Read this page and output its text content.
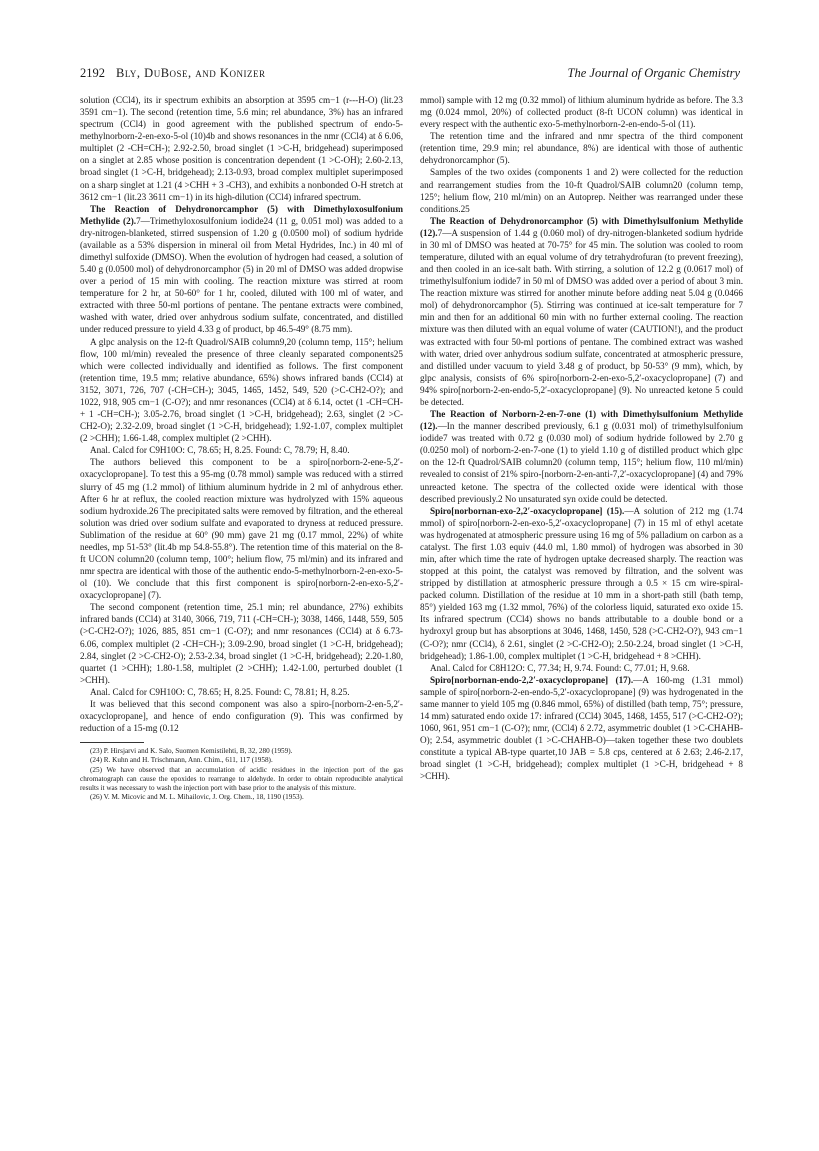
2192 Bly, DuBose, and Konizer	The Journal of Organic Chemistry

solution (CCl4), its ir spectrum exhibits an absorption at 3595 cm−1 (r---H-O) (lit.23 3591 cm−1). The second (retention time, 5.6 min; rel abundance, 3%) has an infrared spectrum (CCl4) in good agreement with the published spectrum of endo-5-methylnorborn-2-en-exo-5-ol (10)4b and shows resonances in the nmr (CCl4) at δ 6.06, multiplet (2 -CH=CH-); 2.92-2.50, broad singlet (1 >C-H, bridgehead) superimposed on a singlet at 2.85 whose position is concentration dependent (1 >C-OH); 2.60-2.13, broad singlet (1 >C-H, bridgehead); 2.13-0.93, broad complex multiplet superimposed on a sharp singlet at 1.21 (4 >CHH + 3 -CH3), and exhibits a nonbonded O-H stretch at 3612 cm−1 (lit.23 3611 cm−1) in its high-dilution (CCl4) infrared spectrum.

The Reaction of Dehydronorcamphor (5) with Dimethyloxosulfonium Methylide (2).7—Trimethyloxosulfonium iodide24 (11 g, 0.051 mol) was added to a dry-nitrogen-blanketed, stirred suspension of 1.20 g (0.0500 mol) of sodium hydride (available as a 53% dispersion in mineral oil from Metal Hydrides, Inc.) in 40 ml of dimethyl sulfoxide (DMSO). When the evolution of hydrogen had ceased, a solution of 5.40 g (0.0500 mol) of dehydronorcamphor (5) in 20 ml of DMSO was added dropwise over a period of 15 min with cooling. The reaction mixture was stirred at room temperature for 2 hr, at 50-60° for 1 hr, cooled, diluted with 100 ml of water, and extracted with three 50-ml portions of pentane. The pentane extracts were combined, washed with water, dried over anhydrous sodium sulfate, concentrated, and distilled under reduced pressure to yield 4.33 g of product, bp 46.5-49° (8.75 mm).

A glpc analysis on the 12-ft Quadrol/SAIB column9,20 (column temp, 115°; helium flow, 100 ml/min) revealed the presence of three cleanly separated components25 which were collected individually and identified as follows. The first component (retention time, 19.5 mm; relative abundance, 65%) shows infrared bands (CCl4) at 3152, 3071, 726, 707 (-CH=CH-); 3045, 1465, 1452, 549, 520 (>C-CH2-O?); and 1022, 918, 905 cm−1 (C-O?); and nmr resonances (CCl4) at δ 6.14, octet (1 -CH=CH- + 1 -CH=CH-); 3.05-2.76, broad singlet (1 >C-H, bridgehead); 2.63, singlet (2 >C-CH2-O); 2.32-2.09, broad singlet (1 >C-H, bridgehead); 1.92-1.07, complex multiplet (2 >CHH); 1.66-1.48, complex multiplet (2 >CHH).

Anal. Calcd for C9H10O: C, 78.65; H, 8.25. Found: C, 78.79; H, 8.40.

The authors believed this component to be a spiro[norborn-2-ene-5,2′-oxacyclopropane]. To test this a 95-mg (0.78 mmol) sample was reduced with a stirred slurry of 45 mg (1.2 mmol) of lithium aluminum hydride in 2 ml of anhydrous ether. After 6 hr at reflux, the cooled reaction mixture was hydrolyzed with 15% aqueous sodium hydroxide.26 The precipitated salts were removed by filtration, and the ethereal solution was dried over sodium sulfate and evaporated to dryness at reduced pressure. Sublimation of the residue at 60° (90 mm) gave 21 mg (0.17 mmol, 22%) of white needles, mp 51-53° (lit.4b mp 54.8-55.8°). The retention time of this material on the 8-ft UCON column20 (column temp, 100°; helium flow, 75 ml/min) and its infrared and nmr spectra are identical with those of the authentic endo-5-methylnorborn-2-en-exo-5-ol (10). We conclude that this first component is spiro[norborn-2-en-exo-5,2′-oxacyclopropane] (7).

The second component (retention time, 25.1 min; rel abundance, 27%) exhibits infrared bands (CCl4) at 3140, 3066, 719, 711 (-CH=CH-); 3038, 1466, 1448, 559, 505 (>C-CH2-O?); 1026, 885, 851 cm−1 (C-O?); and nmr resonances (CCl4) at δ 6.73-6.06, complex multiplet (2 -CH=CH-); 3.09-2.90, broad singlet (1 >C-H, bridgehead); 2.84, singlet (2 >C-CH2-O); 2.53-2.34, broad singlet (1 >C-H, bridgehead); 2.20-1.80, quartet (1 >CHH); 1.80-1.58, multiplet (2 >CHH); 1.42-1.00, perturbed doublet (1 >CHH).

Anal. Calcd for C9H10O: C, 78.65; H, 8.25. Found: C, 78.81; H, 8.25.

It was believed that this second component was also a spiro-[norborn-2-en-5,2′-oxacyclopropane], and hence of endo configuration (9). This was confirmed by reduction of a 15-mg (0.12

(23) P. Hirsjarvi and K. Salo, Suomen Kemistilehti, B, 32, 280 (1959).

(24) R. Kuhn and H. Trischmann, Ann. Chim., 611, 117 (1958).

(25) We have observed that an accumulation of acidic residues in the injection port of the gas chromatograph can cause the epoxides to rearrange to aldehyde. In order to obtain reproducible analytical results it was necessary to wash the injection port with base prior to the analysis of this mixture.

(26) V. M. Micovic and M. L. Mihailovic, J. Org. Chem., 18, 1190 (1953).

mmol) sample with 12 mg (0.32 mmol) of lithium aluminum hydride as before. The 3.3 mg (0.024 mmol, 20%) of collected product (8-ft UCON column) was identical in every respect with the authentic exo-5-methylnorborn-2-en-endo-5-ol (11).

The retention time and the infrared and nmr spectra of the third component (retention time, 29.9 min; rel abundance, 8%) are identical with those of authentic dehydronorcamphor (5).

Samples of the two oxides (components 1 and 2) were collected for the reduction and rearrangement studies from the 10-ft Quadrol/SAIB column20 (column temp, 125°; helium flow, 210 ml/min) on an Autoprep. Neither was rearranged under these conditions.25

The Reaction of Dehydronorcamphor (5) with Dimethylsulfonium Methylide (12).7—A suspension of 1.44 g (0.060 mol) of dry-nitrogen-blanketed sodium hydride in 30 ml of DMSO was heated at 70-75° for 45 min. The solution was cooled to room temperature, diluted with an equal volume of dry tetrahydrofuran (to prevent freezing), and then cooled in an ice-salt bath. With stirring, a solution of 12.2 g (0.0617 mol) of trimethylsulfonium iodide7 in 50 ml of DMSO was added over a period of about 3 min. The reaction mixture was stirred for another minute before adding neat 5.04 g (0.0466 mol) of dehydronorcamphor (5). Stirring was continued at ice-salt temperature for 7 min and then for an additional 60 min with no further external cooling. The reaction mixture was then diluted with an equal volume of water (CAUTION!), and the product was extracted with four 50-ml portions of pentane. The combined extract was washed with water, dried over anhydrous sodium sulfate, concentrated at atmospheric pressure, and distilled under vacuum to yield 3.48 g of product, bp 50-53° (9 mm), which, by glpc analysis, consists of 6% spiro[norborn-2-en-exo-5,2′-oxacyclopropane] (7) and 94% spiro[norborn-2-en-endo-5,2′-oxacyclopropane] (9). No unreacted ketone 5 could be detected.

The Reaction of Norborn-2-en-7-one (1) with Dimethylsulfonium Methylide (12).—In the manner described previously, 6.1 g (0.031 mol) of trimethylsulfonium iodide7 was treated with 0.72 g (0.030 mol) of sodium hydride followed by 2.70 g (0.0250 mol) of norborn-2-en-7-one (1) to yield 1.10 g of distilled product which glpc on the 12-ft Quadrol/SAIB column20 (column temp, 115°; helium flow, 110 ml/min) revealed to consist of 21% spiro-[norborn-2-en-anti-7,2′-oxacyclopropane] (4) and 79% unreacted ketone. The spectra of the collected oxide were identical with those described previously.2 No unsaturated syn oxide could be detected.

Spiro[norbornan-exo-2,2′-oxacyclopropane] (15).—A solution of 212 mg (1.74 mmol) of spiro[norborn-2-en-exo-5,2′-oxacyclopropane] (7) in 15 ml of ethyl acetate was hydrogenated at atmospheric pressure using 16 mg of 5% palladium on carbon as a catalyst. The first 1.03 equiv (44.0 ml, 1.80 mmol) of hydrogen was absorbed in 30 min, after which time the rate of hydrogen uptake decreased sharply. The reaction was stopped at this point, the catalyst was removed by filtration, and the solvent was stripped by distillation at atmospheric pressure through a 0.5 × 15 cm wire-spiral-packed column. Distillation of the residue at 10 mm in a short-path still (bath temp, 85°) yielded 163 mg (1.32 mmol, 76%) of the colorless liquid, saturated exo oxide 15. Its infrared spectrum (CCl4) shows no bands attributable to a double bond or a hydroxyl group but has absorptions at 3046, 1468, 1450, 528 (>C-CH2-O?), 943 cm−1 (C-O?); nmr (CCl4), δ 2.61, singlet (2 >C-CH2-O); 2.50-2.24, broad singlet (1 >C-H, bridgehead); 1.86-1.00, complex multiplet (1 >C-H, bridgehead + 8 >CHH).

Anal. Calcd for C8H12O: C, 77.34; H, 9.74. Found: C, 77.01; H, 9.68.

Spiro[norbornan-endo-2,2′-oxacyclopropane] (17).—A 160-mg (1.31 mmol) sample of spiro[norborn-2-en-endo-5,2′-oxacyclopropane] (9) was hydrogenated in the same manner to yield 105 mg (0.846 mmol, 65%) of distilled (bath temp, 75°; pressure, 14 mm) saturated endo oxide 17: infrared (CCl4) 3045, 1468, 1455, 517 (>C-CH2-O?); 1060, 961, 951 cm−1 (C-O?); nmr, (CCl4) δ 2.72, asymmetric doublet (1 >C-CHAHB-O); 2.54, asymmetric doublet (1 >C-CHAHB-O)—taken together these two doublets constitute a typical AB-type quartet,10 JAB = 5.8 cps, centered at δ 2.63; 2.46-2.17, broad singlet (1 >C-H, bridgehead); complex multiplet (1 >C-H, bridgehead + 8 >CHH).
